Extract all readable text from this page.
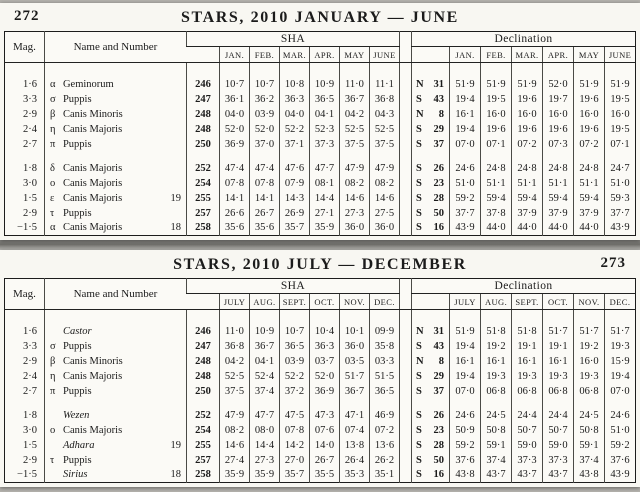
272	STARS, 2010 JANUARY — JUNE
Mag.	Name and Number	SHA								Declination						
			JAN.	FEB.	MAR.	APR.	MAY	JUNE			JAN.	FEB.	MAR.	APR.	MAY	JUNE

1·6	α Geminorum	246	10·7	10·7	10·8	10·9	11·0	11·1		N 31	51·9	51·9	51·9	52·0	51·9	51·9
3·3	σ Puppis	247	36·1	36·2	36·3	36·5	36·7	36·8		S 43	19·4	19·5	19·6	19·7	19·6	19·5
2·9	β Canis Minoris	248	04·0	03·9	04·0	04·1	04·2	04·3		N 8	16·1	16·0	16·0	16·0	16·0	16·0
2·4	η Canis Majoris	248	52·0	52·0	52·2	52·3	52·5	52·5		S 29	19·4	19·6	19·6	19·6	19·6	19·5
2·7	π Puppis	250	36·9	37·0	37·1	37·3	37·5	37·5		S 37	07·0	07·1	07·2	07·3	07·2	07·1

1·8	δ Canis Majoris	252	47·4	47·4	47·6	47·7	47·9	47·9		S 26	24·6	24·8	24·8	24·8	24·8	24·7
3·0	ο Canis Majoris	254	07·8	07·8	07·9	08·1	08·2	08·2		S 23	51·0	51·1	51·1	51·1	51·1	51·0
1·5	ε Canis Majoris 19	255	14·1	14·1	14·3	14·4	14·6	14·6		S 28	59·2	59·4	59·4	59·4	59·4	59·3
2·9	τ Puppis	257	26·6	26·7	26·9	27·1	27·3	27·5		S 50	37·7	37·8	37·9	37·9	37·9	37·7
−1·5	α Canis Majoris 18	258	35·6	35·6	35·7	35·9	36·0	36·0		S 16	43·9	44·0	44·0	44·0	44·0	43·9
STARS, 2010 JULY — DECEMBER	273
Mag.	Name and Number	SHA								Declination						
			JULY	AUG.	SEPT.	OCT.	NOV.	DEC.			JULY	AUG.	SEPT.	OCT.	NOV.	DEC.

1·6	Castor	246	11·0	10·9	10·7	10·4	10·1	09·9		N 31	51·9	51·8	51·8	51·7	51·7	51·7
3·3	σ Puppis	247	36·8	36·7	36·5	36·3	36·0	35·8		S 43	19·4	19·2	19·1	19·1	19·2	19·3
2·9	β Canis Minoris	248	04·2	04·1	03·9	03·7	03·5	03·3		N 8	16·1	16·1	16·1	16·1	16·0	15·9
2·4	η Canis Majoris	248	52·5	52·4	52·2	52·0	51·7	51·5		S 29	19·4	19·3	19·3	19·3	19·3	19·4
2·7	π Puppis	250	37·5	37·4	37·2	36·9	36·7	36·5		S 37	07·0	06·8	06·8	06·8	06·8	07·0

1·8	Wezen	252	47·9	47·7	47·5	47·3	47·1	46·9		S 26	24·6	24·5	24·4	24·4	24·5	24·6
3·0	ο Canis Majoris	254	08·2	08·0	07·8	07·6	07·4	07·2		S 23	50·9	50·8	50·7	50·7	50·8	51·0
1·5	Adhara 19	255	14·6	14·4	14·2	14·0	13·8	13·6		S 28	59·2	59·1	59·0	59·0	59·1	59·2
2·9	τ Puppis	257	27·4	27·3	27·0	26·7	26·4	26·2		S 50	37·6	37·4	37·3	37·3	37·4	37·6
−1·5	Sirius 18	258	35·9	35·9	35·7	35·5	35·3	35·1		S 16	43·8	43·7	43·7	43·7	43·8	43·9
